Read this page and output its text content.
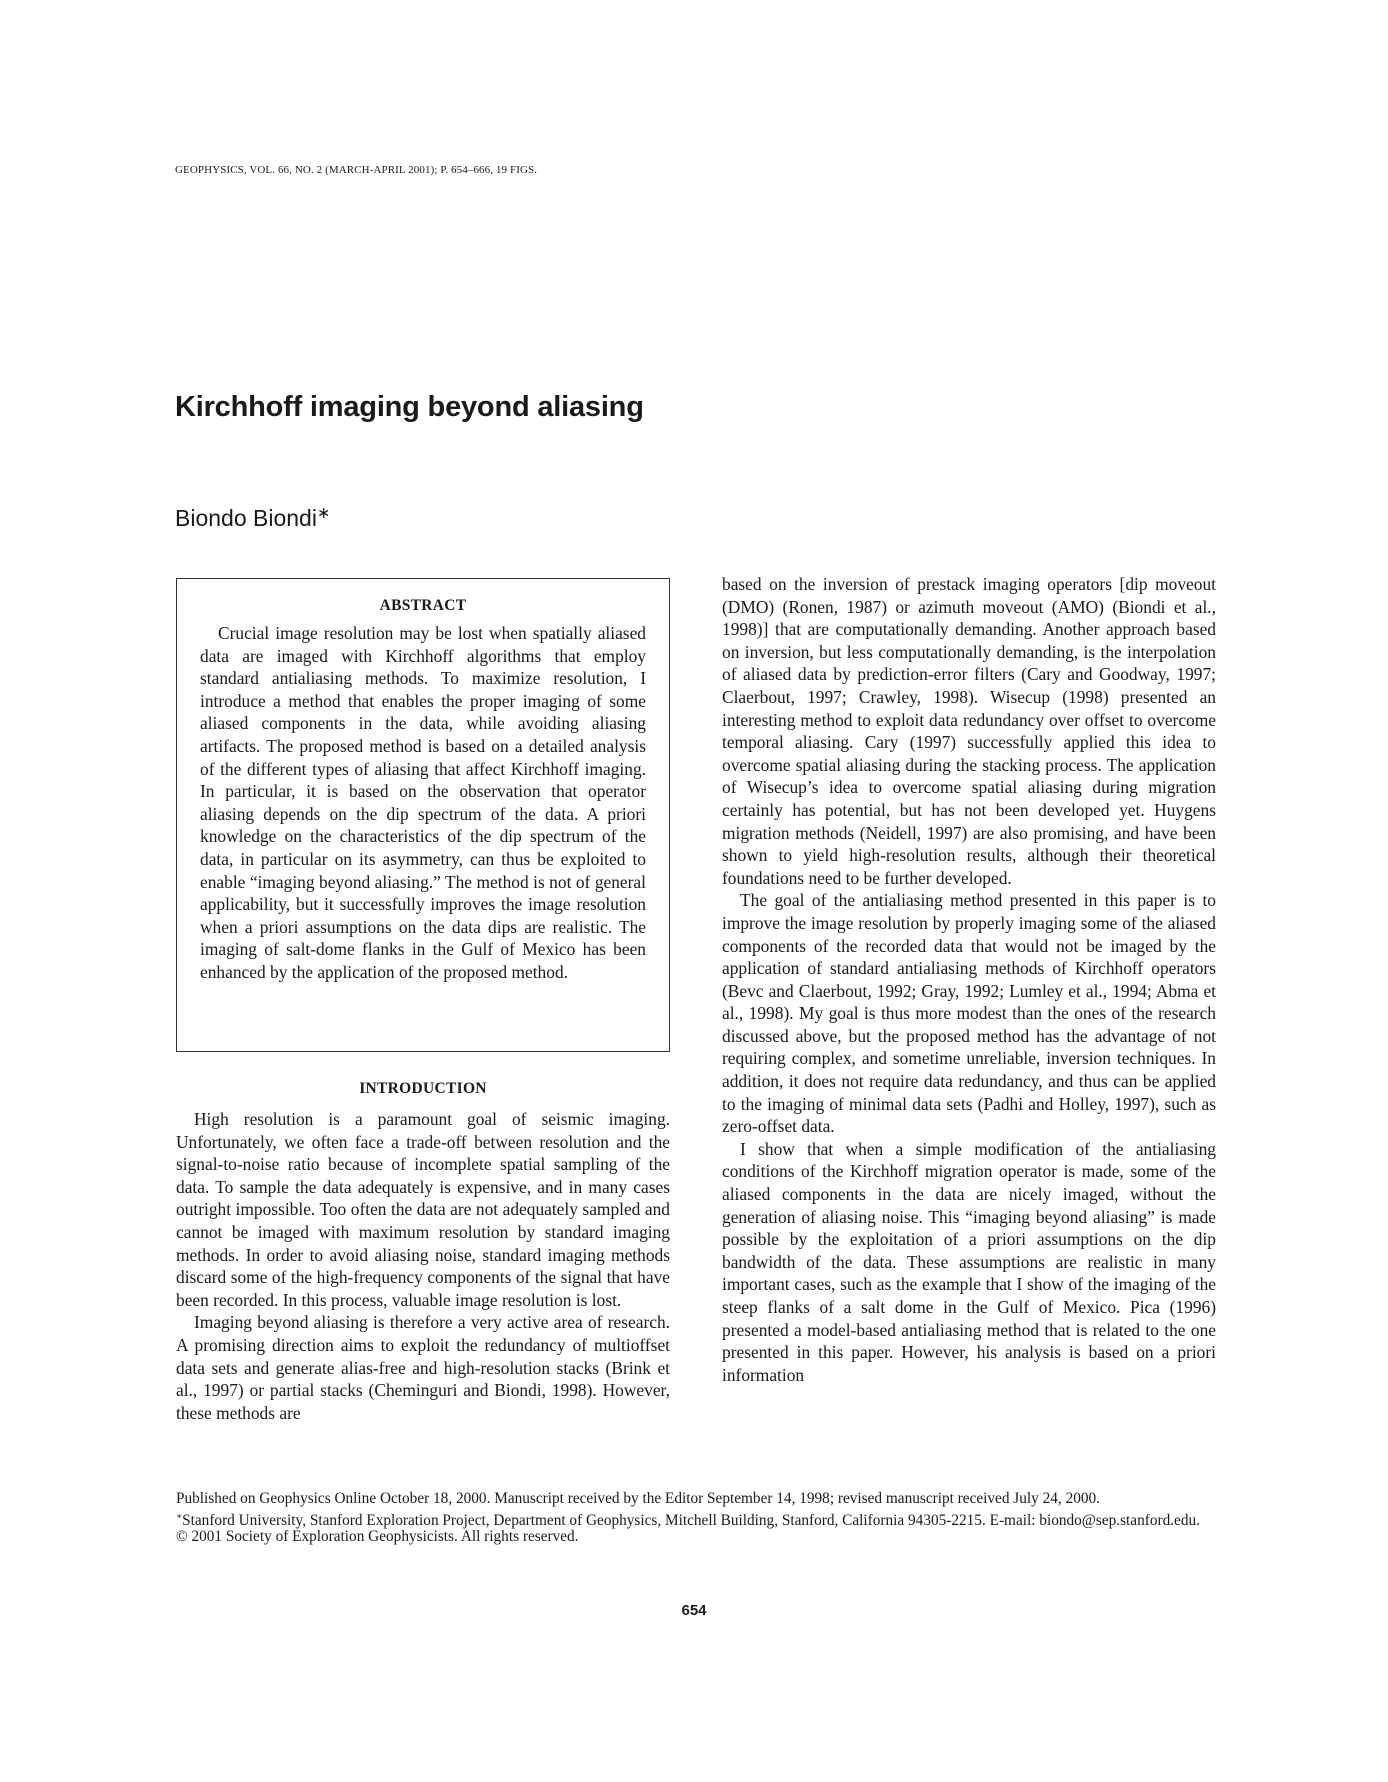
GEOPHYSICS, VOL. 66, NO. 2 (MARCH-APRIL 2001); P. 654–666, 19 FIGS.
Kirchhoff imaging beyond aliasing
Biondo Biondi∗

ABSTRACT

Crucial image resolution may be lost when spatially aliased data are imaged with Kirchhoff algorithms that employ standard antialiasing methods. To maximize resolution, I introduce a method that enables the proper imaging of some aliased components in the data, while avoiding aliasing artifacts. The proposed method is based on a detailed analysis of the different types of aliasing that affect Kirchhoff imaging. In particular, it is based on the observation that operator aliasing depends on the dip spectrum of the data. A priori knowledge on the characteristics of the dip spectrum of the data, in particular on its asymmetry, can thus be exploited to enable “imaging beyond aliasing.” The method is not of general applicability, but it successfully improves the image resolution when a priori assumptions on the data dips are realistic. The imaging of salt-dome flanks in the Gulf of Mexico has been enhanced by the application of the proposed method.

INTRODUCTION

High resolution is a paramount goal of seismic imaging. Unfortunately, we often face a trade-off between resolution and the signal-to-noise ratio because of incomplete spatial sampling of the data. To sample the data adequately is expensive, and in many cases outright impossible. Too often the data are not adequately sampled and cannot be imaged with maximum resolution by standard imaging methods. In order to avoid aliasing noise, standard imaging methods discard some of the high-frequency components of the signal that have been recorded. In this process, valuable image resolution is lost.

Imaging beyond aliasing is therefore a very active area of research. A promising direction aims to exploit the redundancy of multioffset data sets and generate alias-free and high-resolution stacks (Brink et al., 1997) or partial stacks (Cheminguri and Biondi, 1998). However, these methods are

based on the inversion of prestack imaging operators [dip moveout (DMO) (Ronen, 1987) or azimuth moveout (AMO) (Biondi et al., 1998)] that are computationally demanding. Another approach based on inversion, but less computationally demanding, is the interpolation of aliased data by prediction-error filters (Cary and Goodway, 1997; Claerbout, 1997; Crawley, 1998). Wisecup (1998) presented an interesting method to exploit data redundancy over offset to overcome temporal aliasing. Cary (1997) successfully applied this idea to overcome spatial aliasing during the stacking process. The application of Wisecup’s idea to overcome spatial aliasing during migration certainly has potential, but has not been developed yet. Huygens migration methods (Neidell, 1997) are also promising, and have been shown to yield high-resolution results, although their theoretical foundations need to be further developed.

The goal of the antialiasing method presented in this paper is to improve the image resolution by properly imaging some of the aliased components of the recorded data that would not be imaged by the application of standard antialiasing methods of Kirchhoff operators (Bevc and Claerbout, 1992; Gray, 1992; Lumley et al., 1994; Abma et al., 1998). My goal is thus more modest than the ones of the research discussed above, but the proposed method has the advantage of not requiring complex, and sometime unreliable, inversion techniques. In addition, it does not require data redundancy, and thus can be applied to the imaging of minimal data sets (Padhi and Holley, 1997), such as zero-offset data.

I show that when a simple modification of the antialiasing conditions of the Kirchhoff migration operator is made, some of the aliased components in the data are nicely imaged, without the generation of aliasing noise. This “imaging beyond aliasing” is made possible by the exploitation of a priori assumptions on the dip bandwidth of the data. These assumptions are realistic in many important cases, such as the example that I show of the imaging of the steep flanks of a salt dome in the Gulf of Mexico. Pica (1996) presented a model-based antialiasing method that is related to the one presented in this paper. However, his analysis is based on a priori information

Published on Geophysics Online October 18, 2000. Manuscript received by the Editor September 14, 1998; revised manuscript received July 24, 2000.

∗Stanford University, Stanford Exploration Project, Department of Geophysics, Mitchell Building, Stanford, California 94305-2215. E-mail: biondo@sep.stanford.edu.

© 2001 Society of Exploration Geophysicists. All rights reserved.

654
